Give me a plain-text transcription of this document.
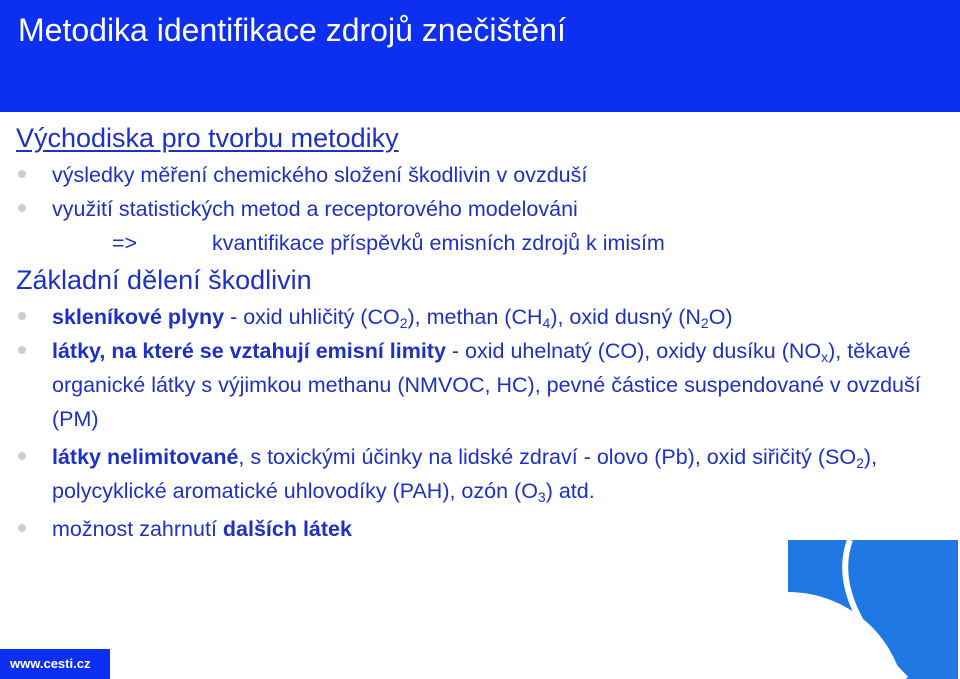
Metodika identifikace zdrojů znečištění
Východiska pro tvorbu metodiky
výsledky měření chemického složení škodlivin v ovzduší
využití statistických metod a receptorového modelováni
=>	kvantifikace příspěvků emisních zdrojů k imisím
Základní dělení škodlivin
skleníkové plyny - oxid uhličitý $(CO_2)$, methan $(CH_4)$, oxid dusný $(N_2O)$
látky, na které se vztahují emisní limity - oxid uhelnatý (CO), oxidy dusíku $(NO_x)$, těkavé organické látky s výjimkou methanu (NMVOC, HC), pevné částice suspendované v ovzduší (PM)
látky nelimitované, s toxickými účinky na lidské zdraví - olovo (Pb), oxid siřičitý $(SO_2)$, polycyklické aromatické uhlovodíky (PAH), ozón $(O_3)$ atd.
možnost zahrnutí dalších látek
www.cesti.cz
